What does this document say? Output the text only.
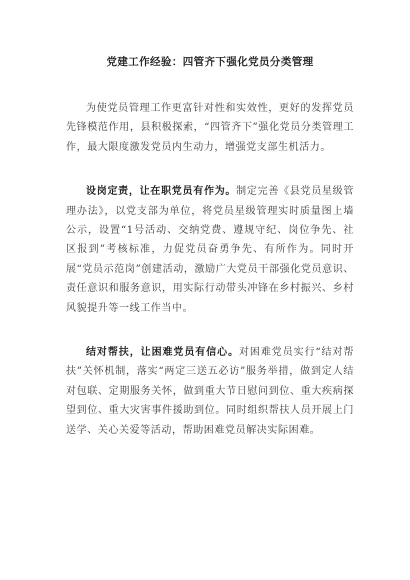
党建工作经验：四管齐下强化党员分类管理

为使党员管理工作更富针对性和实效性，更好的发挥党员先锋模范作用，县积极探索，“四管齐下”强化党员分类管理工作，最大限度激发党员内生动力，增强党支部生机活力。

设岗定责，让在职党员有作为。制定完善《县党员星级管理办法》，以党支部为单位，将党员星级管理实时质量图上墙公示，设置“1号活动、交纳党费、遵规守纪、岗位争先、社区报到”考核标准，力促党员奋勇争先、有所作为。同时开展“党员示范岗”创建活动，激励广大党员干部强化党员意识、责任意识和服务意识，用实际行动带头冲锋在乡村振兴、乡村风貌提升等一线工作当中。

结对帮扶，让困难党员有信心。对困难党员实行“结对帮扶”关怀机制，落实“两定三送五必访”服务举措，做到定人结对包联、定期服务关怀，做到重大节日慰问到位、重大疾病探望到位、重大灾害事件援助到位。同时组织帮扶人员开展上门送学、关心关爱等活动，帮助困难党员解决实际困难。
